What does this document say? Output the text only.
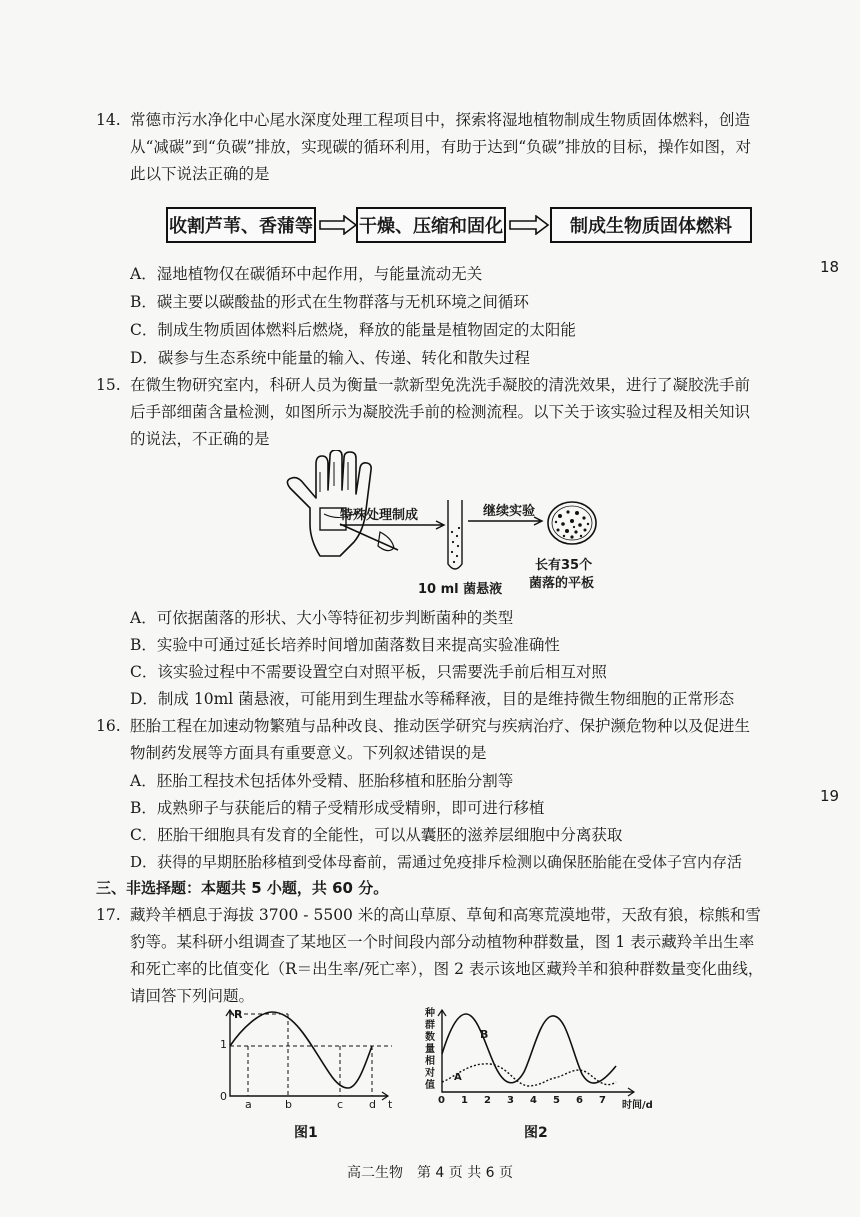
18
19
14. 常德市污水净化中心尾水深度处理工程项目中，探索将湿地植物制成生物质固体燃料，创造
从“减碳”到“负碳”排放，实现碳的循环利用，有助于达到“负碳”排放的目标，操作如图，对
此以下说法正确的是
收割芦苇、香蒲等	干燥、压缩和固化	制成生物质固体燃料
A．湿地植物仅在碳循环中起作用，与能量流动无关
B．碳主要以碳酸盐的形式在生物群落与无机环境之间循环
C．制成生物质固体燃料后燃烧，释放的能量是植物固定的太阳能
D．碳参与生态系统中能量的输入、传递、转化和散失过程
15. 在微生物研究室内，科研人员为衡量一款新型免洗洗手凝胶的清洗效果，进行了凝胶洗手前
后手部细菌含量检测，如图所示为凝胶洗手前的检测流程。以下关于该实验过程及相关知识
的说法，不正确的是
特殊处理制成	继续实验
10 ml 菌悬液
长有35个
菌落的平板
A．可依据菌落的形状、大小等特征初步判断菌种的类型
B．实验中可通过延长培养时间增加菌落数目来提高实验准确性
C．该实验过程中不需要设置空白对照平板，只需要洗手前后相互对照
D．制成 10ml 菌悬液，可能用到生理盐水等稀释液，目的是维持微生物细胞的正常形态
16. 胚胎工程在加速动物繁殖与品种改良、推动医学研究与疾病治疗、保护濒危物种以及促进生
物制药发展等方面具有重要意义。下列叙述错误的是
A．胚胎工程技术包括体外受精、胚胎移植和胚胎分割等
B．成熟卵子与获能后的精子受精形成受精卵，即可进行移植
C．胚胎干细胞具有发育的全能性，可以从囊胚的滋养层细胞中分离获取
D．获得的早期胚胎移植到受体母畜前，需通过免疫排斥检测以确保胚胎能在受体子宫内存活
三、非选择题：本题共 5 小题，共 60 分。
17. 藏羚羊栖息于海拔 3700 - 5500 米的高山草原、草甸和高寒荒漠地带，天敌有狼，棕熊和雪
豹等。某科研小组调查了某地区一个时间段内部分动植物种群数量，图 1 表示藏羚羊出生率
和死亡率的比值变化（R＝出生率/死亡率），图 2 表示该地区藏羚羊和狼种群数量变化曲线，
请回答下列问题。
R
1
0
a	b	c d t
图1
种
群
数
量
相
对
值
B
A
0 1 2 3 4 5 6 7 时间/d
图2
高二生物　第 4 页 共 6 页
